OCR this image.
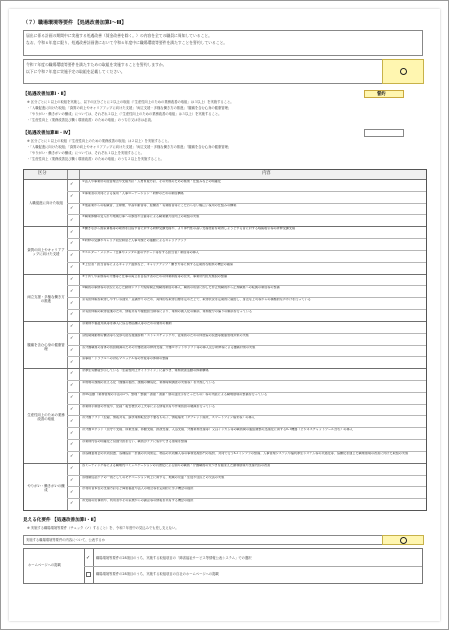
（７）職場環境等要件 【処遇改善加算Ⅰ～Ⅲ】
届出に係る計画の期間中に実施する処遇改善（賃金改善を除く。）の内容を全ての職員に周知していること。
なお、令和６年度に限り、処遇改善計画書において令和６年度中に職場環境等要件を満たすことを誓約していること。
令和７年度の職場環境等要件を満たすための取組を実施することを誓約しますか。
以下に令和７年度に実施予定の取組を記載してください。
【処遇改善加算Ⅰ・Ⅱ】	誓約
※ 区分ごとに１以上の取組を実施し、以下の区分ごとに２以上の取組（「生産性向上のための業務改善の取組」は３以上）を実施すること。
・「入職促進に向けた取組」「資質の向上やキャリアアップに向けた支援」「両立支援・多様な働き方の推進」「腰痛を含む心身の健康管理」
　「やりがい・働きがいの醸成」については、それぞれ２以上（「生産性向上のための業務改善の取組」は３以上）を実施すること。
・「生産性向上（業務改善及び働く環境改善）のための取組」のうち⑰又は⑱は必須。
【処遇改善加算Ⅲ・Ⅳ】
※ 区分ごとに１以上の取組（「生産性向上のための業務改善の取組」は２以上）を実施すること。
・「入職促進に向けた取組」「資質の向上やキャリアアップに向けた支援」「両立支援・多様な働き方の推進」「腰痛を含む心身の健康管理」
　「やりがい・働きがいの醸成」については、それぞれ１以上を実施すること。
・「生産性向上（業務改善及び働く環境改善）のための取組」のうち２以上を実施すること。
区分	内容
入職促進に向けた取組
✓
①法人や事業所の経営理念や支援方針・人材育成方針、その実現のための施策・仕組みなどの明確化
✓
②事業者の共同による採用・人事ローテーション・研修のための制度構築
✓
③他産業からの転職者、主婦層、中高年齢者等、経験者・有資格者等にこだわらない幅広い採用の仕組みの構築
✓
④職業体験の受入れや地域行事への参加や主催等による職業魅力度向上の取組の実施
資質の向上やキャリアアップに向けた支援
✓
⑤働きながら国家資格等の取得を目指す者に対する研修受講支援や、より専門性の高い支援技術を取得しようとする者に対する喀痰吸引等の研修受講支援
✓
⑥研修の受講やキャリア段位制度と人事考課との連動によるキャリアアップ
✓
⑦エルダー・メンター（仕事やメンタル面のサポート等をする担当者）制度等の導入
✓
⑧上位者・担当者等によるキャリア面談など、キャリアアップ・働き方等に関する定期的な相談の機会の確保
両立支援・多様な働き方の推進
✓
⑨子育てや家族等の介護等と仕事の両立を目指す者のための休業制度等の充実、事業所内託児施設の整備
✓
⑩職員の事情等の状況に応じた勤務シフトや短時間正規職員制度の導入、職員の希望に即した非正規職員から正規職員への転換の制度等の整備
✓
⑪有給休暇を取得しやすい雰囲気・意識作りのため、具体的な取得目標を定めた上で、取得状況を定期的に確認し、身近な上司等からの積極的な声かけを行っている
✓
⑫有給休暇の取得促進のため、情報共有や複数担当制等により、業務の属人化の解消、業務配分の偏りの解消を行っている
腰痛を含む心身の健康管理
✓
⑬業務や福祉用具等を導入に係る物品購入等のための費用の補助
✓
⑭短時間勤務労働者等も受診可能な健康診断・ストレスチェックや、従業員のための休憩室の設置等健康管理対策の実施
✓
⑮介護職員の身体の負担軽減のための介護技術の修得支援、介護ロボットやリフト等の導入及び研修等による腰痛対策の実施
✓
⑯事故・トラブルへの対応マニュアル等の作成等の体制の整備
生産性向上のための業務改善の取組
✓
⑰厚生労働省が示している「生産性向上ガイドライン」に基づき、業務改善活動の体制構築
✓
⑱現場の課題の見える化（課題の抽出、課題の構造化、業務時間調査の実施等）を実施している
✓
⑲5S活動（業務管理の手法の1つ。整理・整頓・清掃・清潔・躾の頭文字をとったもの）等の実践による職場環境の整備を行っている
✓
⑳業務手順書の作成や、記録・報告様式の工夫等による情報共有や作業負担の軽減を行っている
✓
㉑介護ソフト（記録、情報共有、請求業務転記が不要なもの。）、情報端末（タブレット端末、スマートフォン端末等）の導入
✓
㉒介護ロボット（見守り支援、移乗支援、移動支援、排泄支援、入浴支援、介護業務支援等）又はインカム等の職員間の連絡調整の迅速化に資するICT機器（ビジネスチャットツール含む）の導入
✓
㉓業務内容の明確化と役割分担を行い、職員がケアに集中できる環境を整備
✓
㉔各種委員会の共同設置、各種指針・計画の共同策定、物品の共同購入等の事務処理部門の集約、共同で行うICTインフラの整備、人事管理システムや福利厚生システム等の共通化等、協働化を通じた職場環境の改善に向けた取組の実施
やりがい・働きがいの醸成
✓
㉕ミーティング等による職場内コミュニケーションの円滑化による個々の職員・介護職員の気づきを踏まえた勤務環境や支援内容の改善
✓
㉖地域包括ケアの一員としてのモチベーション向上に資する、地域の児童・生徒や住民との交流の実施
✓
㉗利用者本位の支援方針など障害福祉や法人の理念等を定期的に学ぶ機会の提供
✓
㉘支援の好事例や、利用者やその家族からの謝意等の情報を共有する機会の提供
見える化要件 【処遇改善加算Ⅰ・Ⅱ】
※ 実施する職場環境等要件（チェック（✓）すること）を、令和７年度中の見込みでも差し支えない。
実施する職場環境等要件の内容について、公表するか
ホームページへの掲載
✓ 職場環境等要件の28項目のうち、実施する取組項目の「障害福祉サービス等情報公表システム」での選択
職場環境等要件の28項目のうち、実施する取組項目の自社のホームページへの掲載
